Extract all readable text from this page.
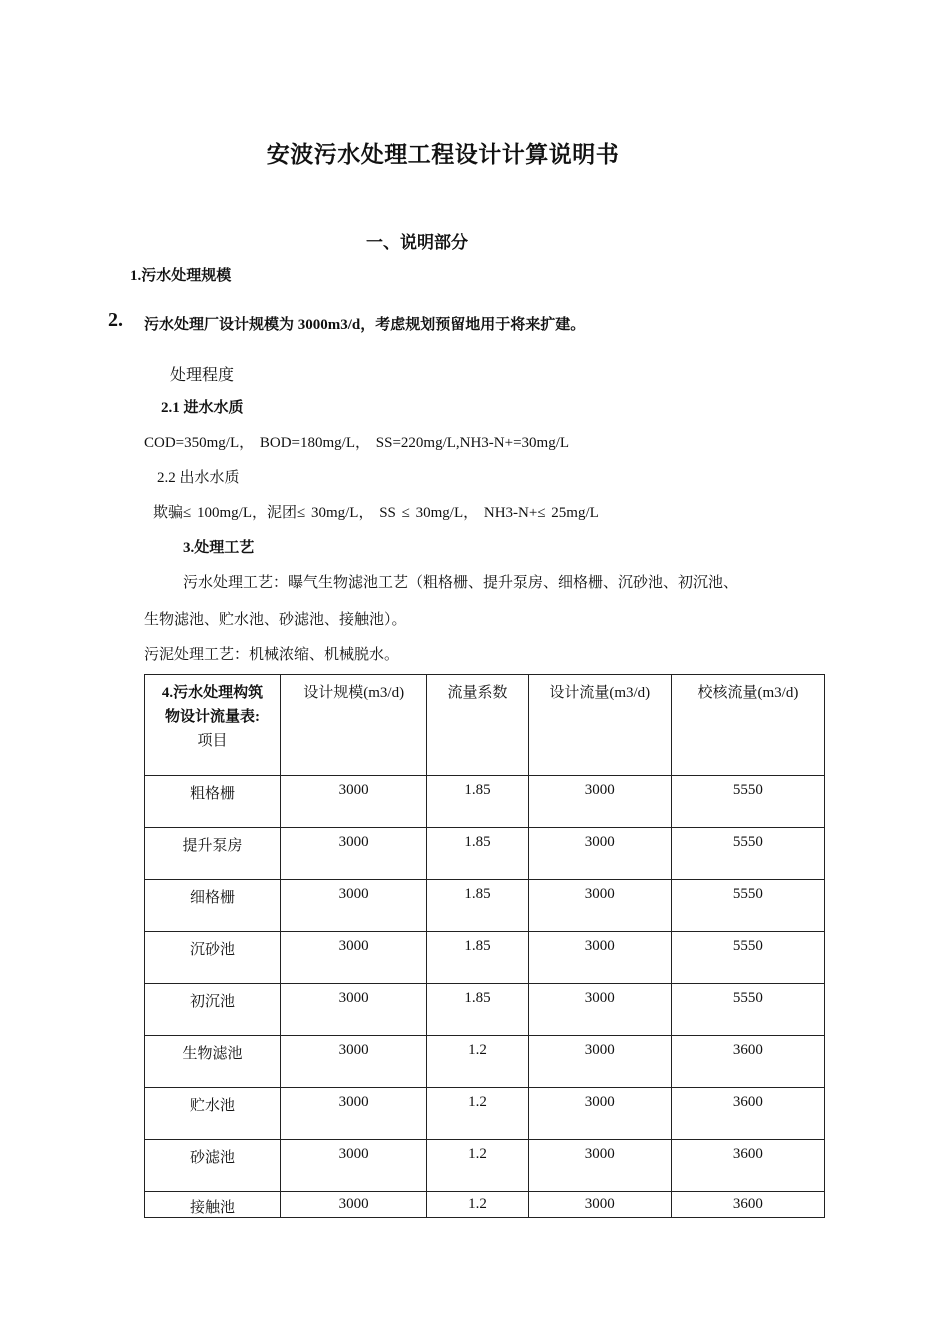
安波污水处理工程设计计算说明书
一、说明部分
1.污水处理规模
2. 污水处理厂设计规模为 3000m3/d，考虑规划预留地用于将来扩建。
处理程度
2.1 进水水质
COD=350mg/L， BOD=180mg/L， SS=220mg/L,NH3-N+=30mg/L
2.2 出水水质
欺骗≤ 100mg/L，泥团≤ 30mg/L， SS ≤ 30mg/L， NH3-N+≤ 25mg/L
3.处理工艺
污水处理工艺：曝气生物滤池工艺（粗格栅、提升泵房、细格栅、沉砂池、初沉池、
生物滤池、贮水池、砂滤池、接触池）。
污泥处理工艺：机械浓缩、机械脱水。
4.污水处理构筑
物设计流量表:
项目	设计规模(m3/d)	流量系数	设计流量(m3/d)	校核流量(m3/d)
粗格栅	3000	1.85	3000	5550
提升泵房	3000	1.85	3000	5550
细格栅	3000	1.85	3000	5550
沉砂池	3000	1.85	3000	5550
初沉池	3000	1.85	3000	5550
生物滤池	3000	1.2	3000	3600
贮水池	3000	1.2	3000	3600
砂滤池	3000	1.2	3000	3600
接触池	3000	1.2	3000	3600
